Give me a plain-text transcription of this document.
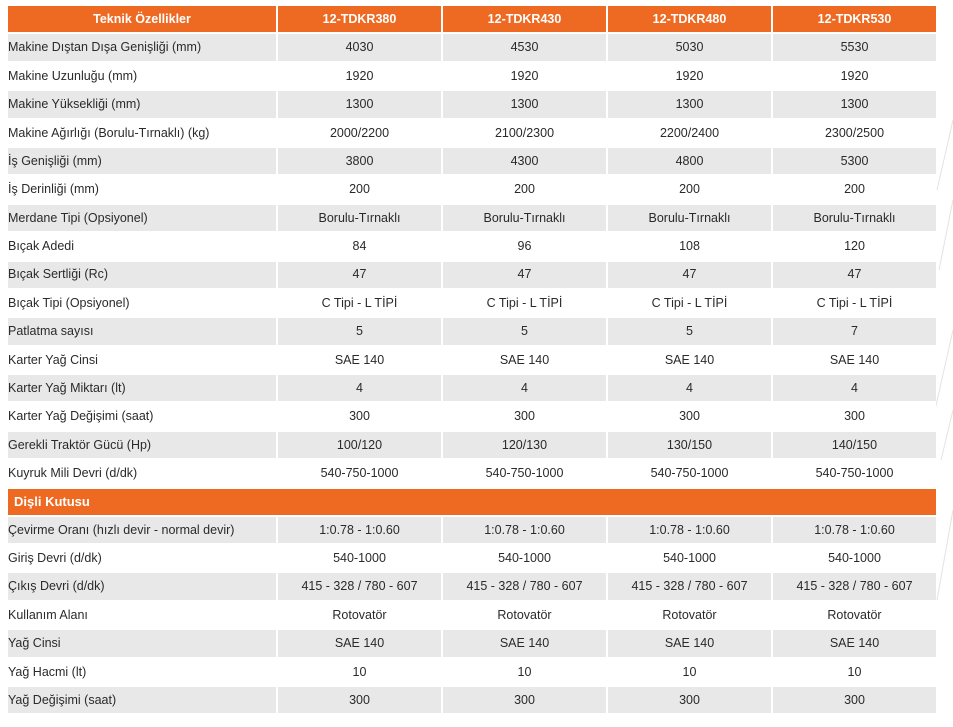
Teknik Özellikler	12-TDKR380	12-TDKR430	12-TDKR480	12-TDKR530
Makine Dıştan Dışa Genişliği (mm)	4030	4530	5030	5530
Makine Uzunluğu (mm)	1920	1920	1920	1920
Makine Yüksekliği (mm)	1300	1300	1300	1300
Makine Ağırlığı (Borulu-Tırnaklı) (kg)	2000/2200	2100/2300	2200/2400	2300/2500
İş Genişliği (mm)	3800	4300	4800	5300
İş Derinliği (mm)	200	200	200	200
Merdane Tipi (Opsiyonel)	Borulu-Tırnaklı	Borulu-Tırnaklı	Borulu-Tırnaklı	Borulu-Tırnaklı
Bıçak Adedi	84	96	108	120
Bıçak Sertliği (Rc)	47	47	47	47
Bıçak Tipi (Opsiyonel)	C Tipi - L TİPİ	C Tipi - L TİPİ	C Tipi - L TİPİ	C Tipi - L TİPİ
Patlatma sayısı	5	5	5	7
Karter Yağ Cinsi	SAE 140	SAE 140	SAE 140	SAE 140
Karter Yağ Miktarı (lt)	4	4	4	4
Karter Yağ Değişimi (saat)	300	300	300	300
Gerekli Traktör Gücü (Hp)	100/120	120/130	130/150	140/150
Kuyruk Mili Devri (d/dk)	540-750-1000	540-750-1000	540-750-1000	540-750-1000
Dişli Kutusu				
Çevirme Oranı (hızlı devir - normal devir)	1:0.78 - 1:0.60	1:0.78 - 1:0.60	1:0.78 - 1:0.60	1:0.78 - 1:0.60
Giriş Devri (d/dk)	540-1000	540-1000	540-1000	540-1000
Çıkış Devri (d/dk)	415 - 328 / 780 - 607	415 - 328 / 780 - 607	415 - 328 / 780 - 607	415 - 328 / 780 - 607
Kullanım Alanı	Rotovatör	Rotovatör	Rotovatör	Rotovatör
Yağ Cinsi	SAE 140	SAE 140	SAE 140	SAE 140
Yağ Hacmi (lt)	10	10	10	10
Yağ Değişimi (saat)	300	300	300	300
